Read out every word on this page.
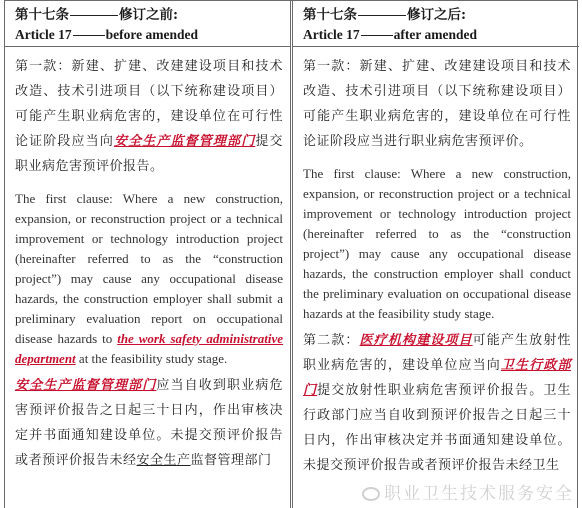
第十七条	修订之前:
Article 17	before amended

第一款：新建、扩建、改建建设项目和技术改造、技术引进项目（以下统称建设项目）可能产生职业病危害的，建设单位在可行性论证阶段应当向安全生产监督管理部门提交职业病危害预评价报告。

The first clause: Where a new construction, expansion, or reconstruction project or a technical improvement or technology introduction project (hereinafter referred to as the “construction project”) may cause any occupational disease hazards, the construction employer shall submit a preliminary evaluation report on occupational disease hazards to the work safety administrative department at the feasibility study stage.

安全生产监督管理部门应当自收到职业病危害预评价报告之日起三十日内，作出审核决定并书面通知建设单位。未提交预评价报告或者预评价报告未经安全生产监督管理部门

第十七条	修订之后:
Article 17	after amended

第一款：新建、扩建、改建建设项目和技术改造、技术引进项目（以下统称建设项目）可能产生职业病危害的，建设单位在可行性论证阶段应当进行职业病危害预评价。

The first clause: Where a new construction, expansion, or reconstruction project or a technical improvement or technology introduction project (hereinafter referred to as the “construction project”) may cause any occupational disease hazards, the construction employer shall conduct the preliminary evaluation on occupational disease hazards at the feasibility study stage.

第二款：医疗机构建设项目可能产生放射性职业病危害的，建设单位应当向卫生行政部门提交放射性职业病危害预评价报告。卫生行政部门应当自收到预评价报告之日起三十日内，作出审核决定并书面通知建设单位。未提交预评价报告或者预评价报告未经卫生

职业卫生技术服务安全
